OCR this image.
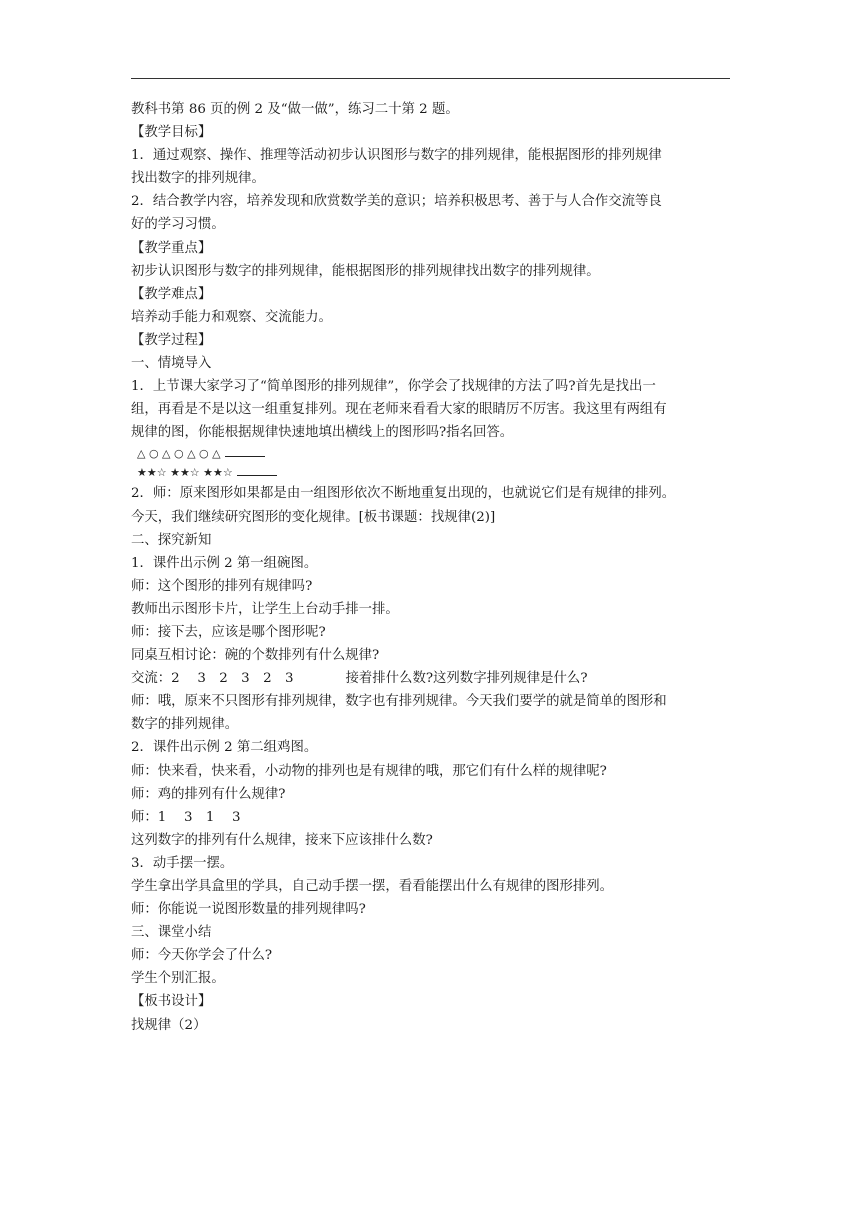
教科书第 86 页的例 2 及“做一做”，练习二十第 2 题。
【教学目标】
1．通过观察、操作、推理等活动初步认识图形与数字的排列规律，能根据图形的排列规律
找出数字的排列规律。
2．结合教学内容，培养发现和欣赏数学美的意识；培养积极思考、善于与人合作交流等良
好的学习习惯。
【教学重点】
初步认识图形与数字的排列规律，能根据图形的排列规律找出数字的排列规律。
【教学难点】
培养动手能力和观察、交流能力。
【教学过程】
一、情境导入
1．上节课大家学习了“简单图形的排列规律”，你学会了找规律的方法了吗?首先是找出一
组，再看是不是以这一组重复排列。现在老师来看看大家的眼睛厉不厉害。我这里有两组有
规律的图，你能根据规律快速地填出横线上的图形吗?指名回答。
△ ○ △ ○ △ ○ △
★★☆ ★★☆ ★★☆
2．师：原来图形如果都是由一组图形依次不断地重复出现的，也就说它们是有规律的排列。
今天，我们继续研究图形的变化规律。[板书课题：找规律(2)]
二、探究新知
1．课件出示例 2 第一组碗图。
师：这个图形的排列有规律吗?
教师出示图形卡片，让学生上台动手排一排。
师：接下去，应该是哪个图形呢?
同桌互相讨论：碗的个数排列有什么规律?
交流：2　 3　2　3　2　3	接着排什么数?这列数字排列规律是什么?
师：哦，原来不只图形有排列规律，数字也有排列规律。今天我们要学的就是简单的图形和
数字的排列规律。
2．课件出示例 2 第二组鸡图。
师：快来看，快来看，小动物的排列也是有规律的哦，那它们有什么样的规律呢?
师：鸡的排列有什么规律?
师：1　 3　1　 3
这列数字的排列有什么规律，接来下应该排什么数?
3．动手摆一摆。
学生拿出学具盒里的学具，自己动手摆一摆，看看能摆出什么有规律的图形排列。
师：你能说一说图形数量的排列规律吗?
三、课堂小结
师：今天你学会了什么?
学生个别汇报。
【板书设计】
找规律（2）
